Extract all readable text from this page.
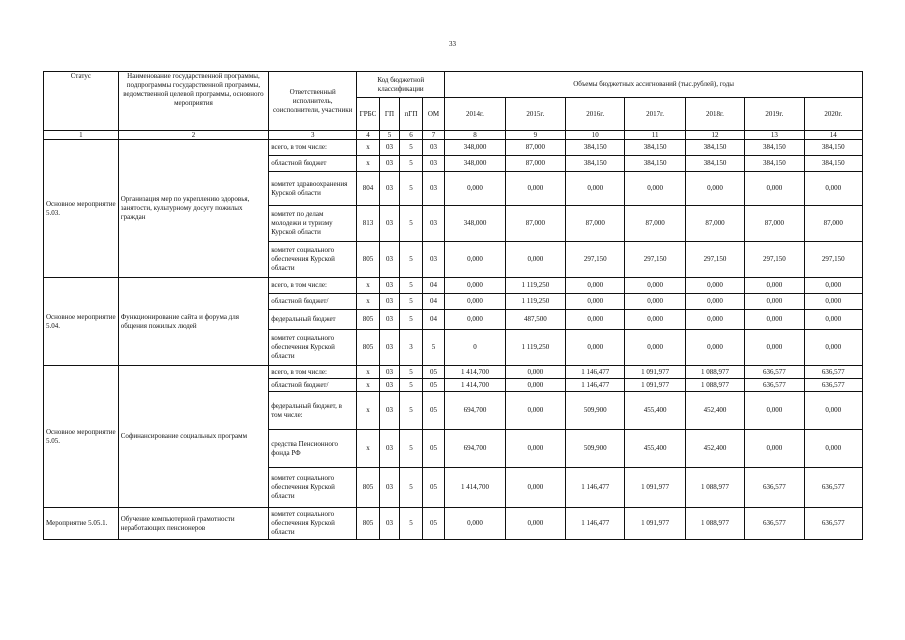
33
Статус	Наименование государственной программы, подпрограммы государственной программы, ведомственной целевой программы, основного мероприятия	Ответственный исполнитель, соисполнители, участники	Код бюджетной классификации				Объемы бюджетных ассигнований (тыс.рублей), годы						
			ГРБС	ГП	пГП	ОМ	2014г.	2015г.	2016г.	2017г.	2018г.	2019г.	2020г.
1	2	3	4	5	6	7	8	9	10	11	12	13	14
Основное мероприятие 5.03.	Организация мер по укреплению здоровья, занятости, культурному досугу пожилых граждан	всего, в том числе:	x	03	5	03	348,000	87,000	384,150	384,150	384,150	384,150	384,150
		областной бюджет	x	03	5	03	348,000	87,000	384,150	384,150	384,150	384,150	384,150
		комитет здравоохранения Курской области	804	03	5	03	0,000	0,000	0,000	0,000	0,000	0,000	0,000
		комитет по делам молодежи и туризму Курской области	813	03	5	03	348,000	87,000	87,000	87,000	87,000	87,000	87,000
		комитет социального обеспечения Курской области	805	03	5	03	0,000	0,000	297,150	297,150	297,150	297,150	297,150
Основное мероприятие 5.04.	Функционирование сайта и форума для общения пожилых людей	всего, в том числе:	x	03	5	04	0,000	1 119,250	0,000	0,000	0,000	0,000	0,000
		областной бюджет/	x	03	5	04	0,000	1 119,250	0,000	0,000	0,000	0,000	0,000
		федеральный бюджет	805	03	5	04	0,000	487,500	0,000	0,000	0,000	0,000	0,000
		комитет социального обеспечения Курской области	805	03	3	5	0	1 119,250	0,000	0,000	0,000	0,000	0,000
Основное мероприятие 5.05.	Софинансирование социальных программ	всего, в том числе:	x	03	5	05	1 414,700	0,000	1 146,477	1 091,977	1 088,977	636,577	636,577
		областной бюджет/	x	03	5	05	1 414,700	0,000	1 146,477	1 091,977	1 088,977	636,577	636,577
		федеральный бюджет, в том числе:	x	03	5	05	694,700	0,000	509,900	455,400	452,400	0,000	0,000
		средства Пенсионного фонда РФ	x	03	5	05	694,700	0,000	509,900	455,400	452,400	0,000	0,000
		комитет социального обеспечения Курской области	805	03	5	05	1 414,700	0,000	1 146,477	1 091,977	1 088,977	636,577	636,577
Мероприятие 5.05.1.	Обучение компьютерной грамотности неработающих пенсионеров	комитет социального обеспечения Курской области	805	03	5	05	0,000	0,000	1 146,477	1 091,977	1 088,977	636,577	636,577
